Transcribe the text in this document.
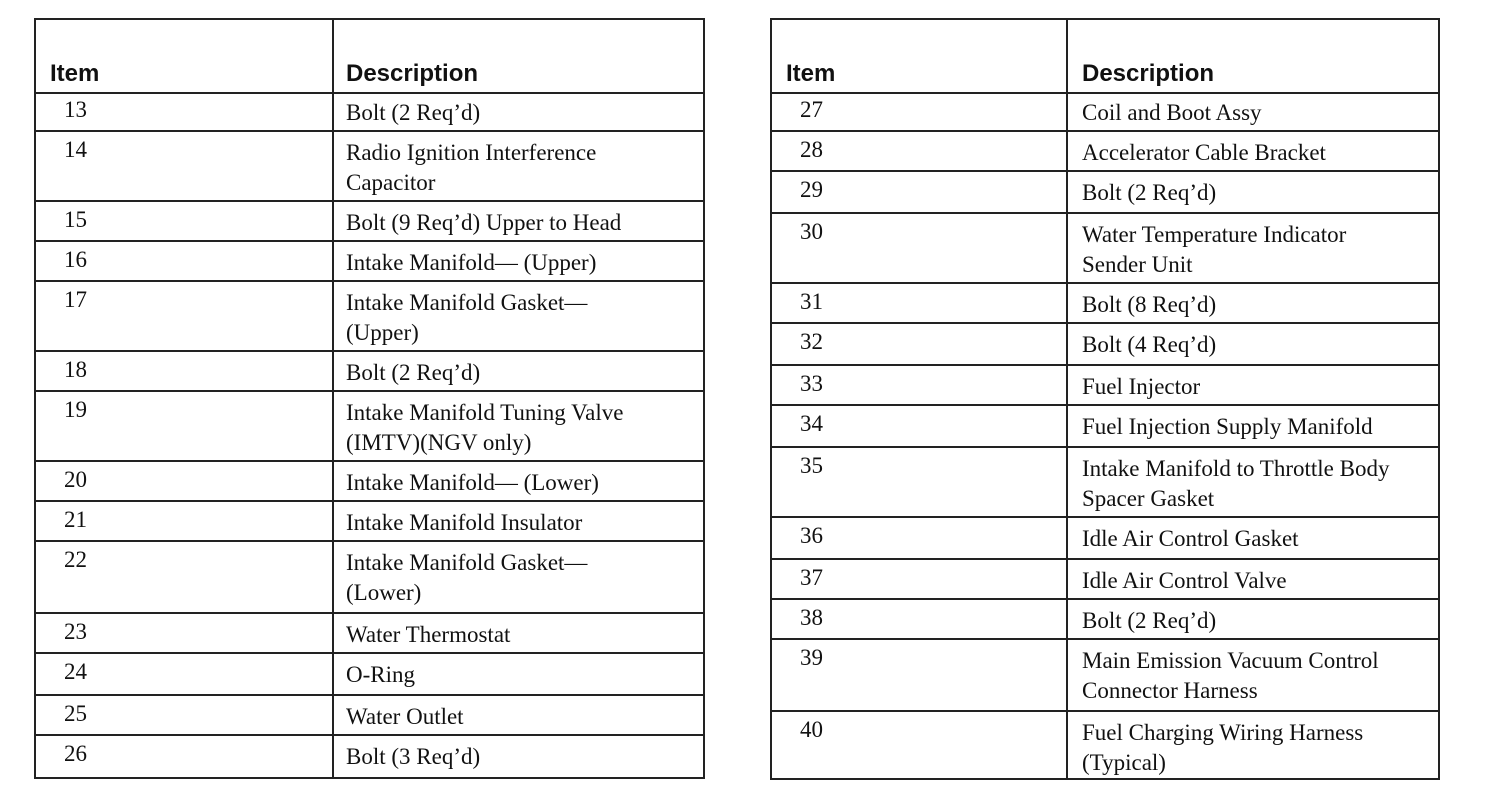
Item	Description
13	Bolt (2 Req’d)
14	Radio Ignition Interference Capacitor
15	Bolt (9 Req’d) Upper to Head
16	Intake Manifold— (Upper)
17	Intake Manifold Gasket—(Upper)
18	Bolt (2 Req’d)
19	Intake Manifold Tuning Valve (IMTV)(NGV only)
20	Intake Manifold— (Lower)
21	Intake Manifold Insulator
22	Intake Manifold Gasket—(Lower)
23	Water Thermostat
24	O-Ring
25	Water Outlet
26	Bolt (3 Req’d)
Item	Description
27	Coil and Boot Assy
28	Accelerator Cable Bracket
29	Bolt (2 Req’d)
30	Water Temperature Indicator Sender Unit
31	Bolt (8 Req’d)
32	Bolt (4 Req’d)
33	Fuel Injector
34	Fuel Injection Supply Manifold
35	Intake Manifold to Throttle Body Spacer Gasket
36	Idle Air Control Gasket
37	Idle Air Control Valve
38	Bolt (2 Req’d)
39	Main Emission Vacuum Control Connector Harness
40	Fuel Charging Wiring Harness (Typical)
